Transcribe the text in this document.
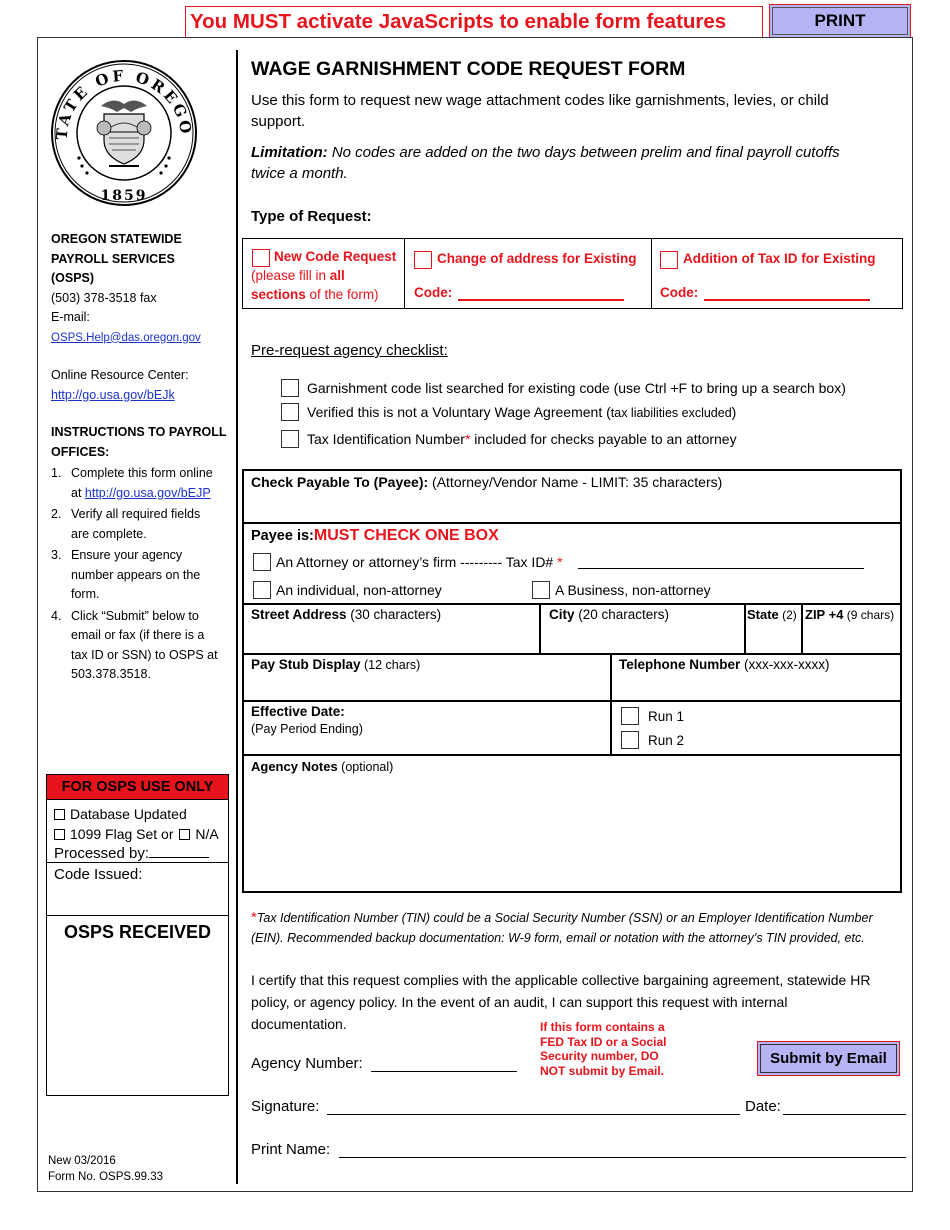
You MUST activate JavaScripts to enable form features	PRINT
TATE OF OREGO
1859
OREGON STATEWIDE
PAYROLL SERVICES
(OSPS)
(503) 378-3518 fax
E-mail:
OSPS.Help@das.oregon.gov
Online Resource Center:
http://go.usa.gov/bEJk
INSTRUCTIONS TO PAYROLL
OFFICES:
1. Complete this form online
at http://go.usa.gov/bEJP
2. Verify all required fields
are complete.
3. Ensure your agency
number appears on the
form.
4. Click “Submit” below to
email or fax (if there is a
tax ID or SSN) to OSPS at
503.378.3518.
FOR OSPS USE ONLY
Database Updated
1099 Flag Set or N/A
Processed by:
Code Issued:
OSPS RECEIVED
New 03/2016
Form No. OSPS.99.33
WAGE GARNISHMENT CODE REQUEST FORM
Use this form to request new wage attachment codes like garnishments, levies, or child
support.
Limitation: No codes are added on the two days between prelim and final payroll cutoffs
twice a month.
Type of Request:
New Code Request
(please fill in all
sections of the form)
Change of address for Existing
Code:
Addition of Tax ID for Existing
Code:
Pre-request agency checklist:
Garnishment code list searched for existing code (use Ctrl +F to bring up a search box)
Verified this is not a Voluntary Wage Agreement (tax liabilities excluded)
Tax Identification Number* included for checks payable to an attorney
Check Payable To (Payee): (Attorney/Vendor Name - LIMIT: 35 characters)
Payee is:MUST CHECK ONE BOX
An Attorney or attorney’s firm --------- Tax ID# *
An individual, non-attorney	A Business, non-attorney
Street Address (30 characters)	City (20 characters)	State (2) ZIP +4 (9 chars)
Pay Stub Display (12 chars)	Telephone Number (xxx-xxx-xxxx)
Effective Date:
(Pay Period Ending)
Run 1
Run 2
Agency Notes (optional)
*Tax Identification Number (TIN) could be a Social Security Number (SSN) or an Employer Identification Number
(EIN). Recommended backup documentation: W-9 form, email or notation with the attorney’s TIN provided, etc.
I certify that this request complies with the applicable collective bargaining agreement, statewide HR
policy, or agency policy. In the event of an audit, I can support this request with internal
documentation.
Agency Number:
If this form contains a
FED Tax ID or a Social
Security number, DO
NOT submit by Email.
Submit by Email
Signature:	Date:
Print Name:
